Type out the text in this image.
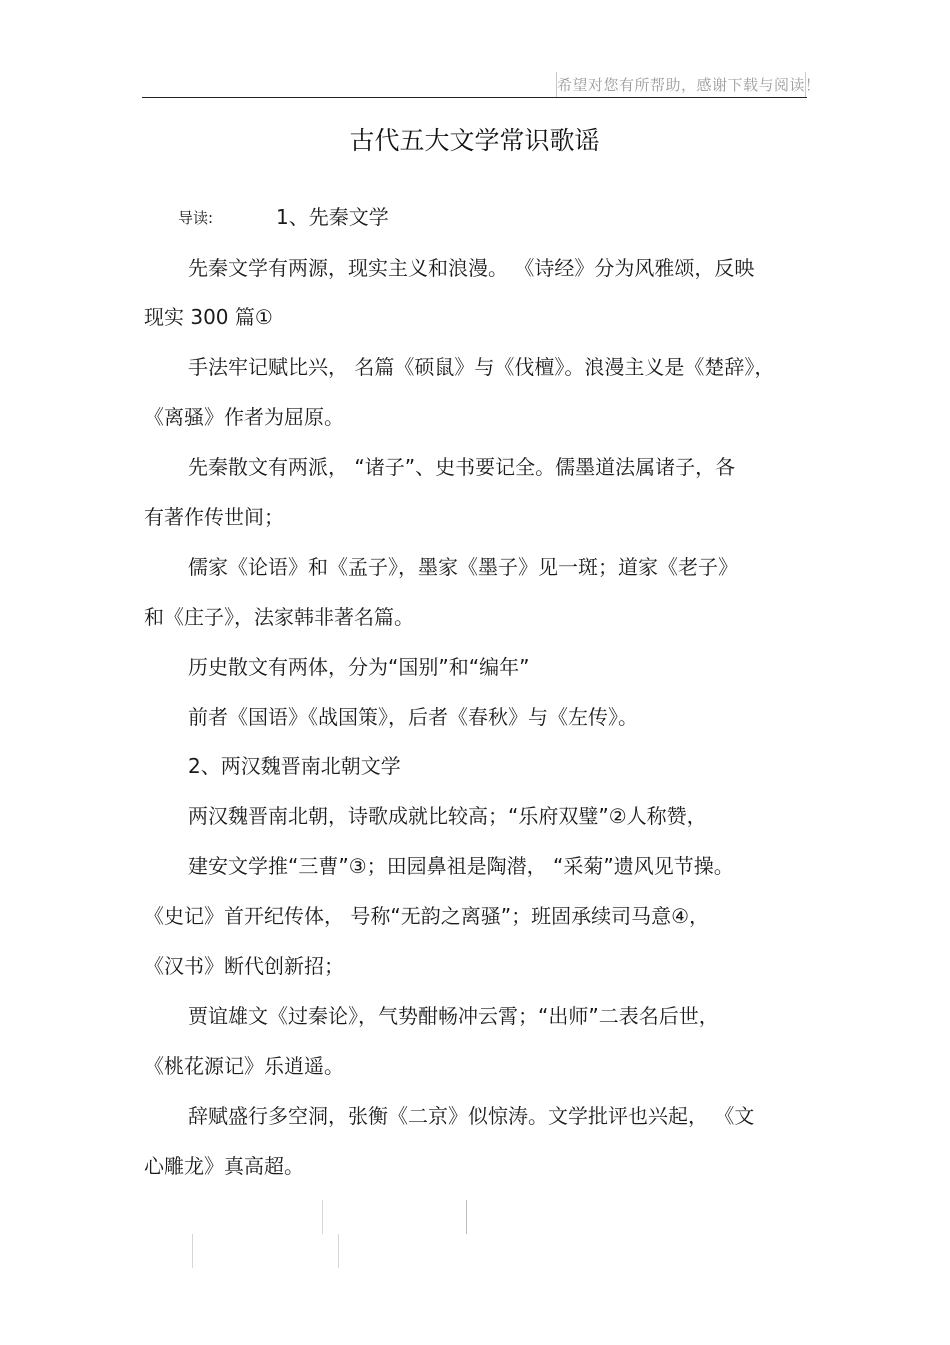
希望对您有所帮助，感谢下载与阅读！
古代五大文学常识歌谣
导读:	1、先秦文学
先秦文学有两源，现实主义和浪漫。 《诗经》分为风雅颂，反映
现实 300 篇①
手法牢记赋比兴， 名篇《硕鼠》与《伐檀》。浪漫主义是《楚辞》，
《离骚》作者为屈原。
先秦散文有两派， “诸子”、史书要记全。儒墨道法属诸子，各
有著作传世间；
儒家《论语》和《孟子》，墨家《墨子》见一斑；道家《老子》
和《庄子》，法家韩非著名篇。
历史散文有两体，分为“国别”和“编年”
前者《国语》《战国策》，后者《春秋》与《左传》。
2、两汉魏晋南北朝文学
两汉魏晋南北朝，诗歌成就比较高；“乐府双璧”②人称赞，
建安文学推“三曹”③；田园鼻祖是陶潜， “采菊”遗风见节操。
《史记》首开纪传体， 号称“无韵之离骚”；班固承续司马意④，
《汉书》断代创新招；
贾谊雄文《过秦论》，气势酣畅冲云霄；“出师”二表名后世，
《桃花源记》乐逍遥。
辞赋盛行多空洞，张衡《二京》似惊涛。文学批评也兴起， 《文
心雕龙》真高超。
